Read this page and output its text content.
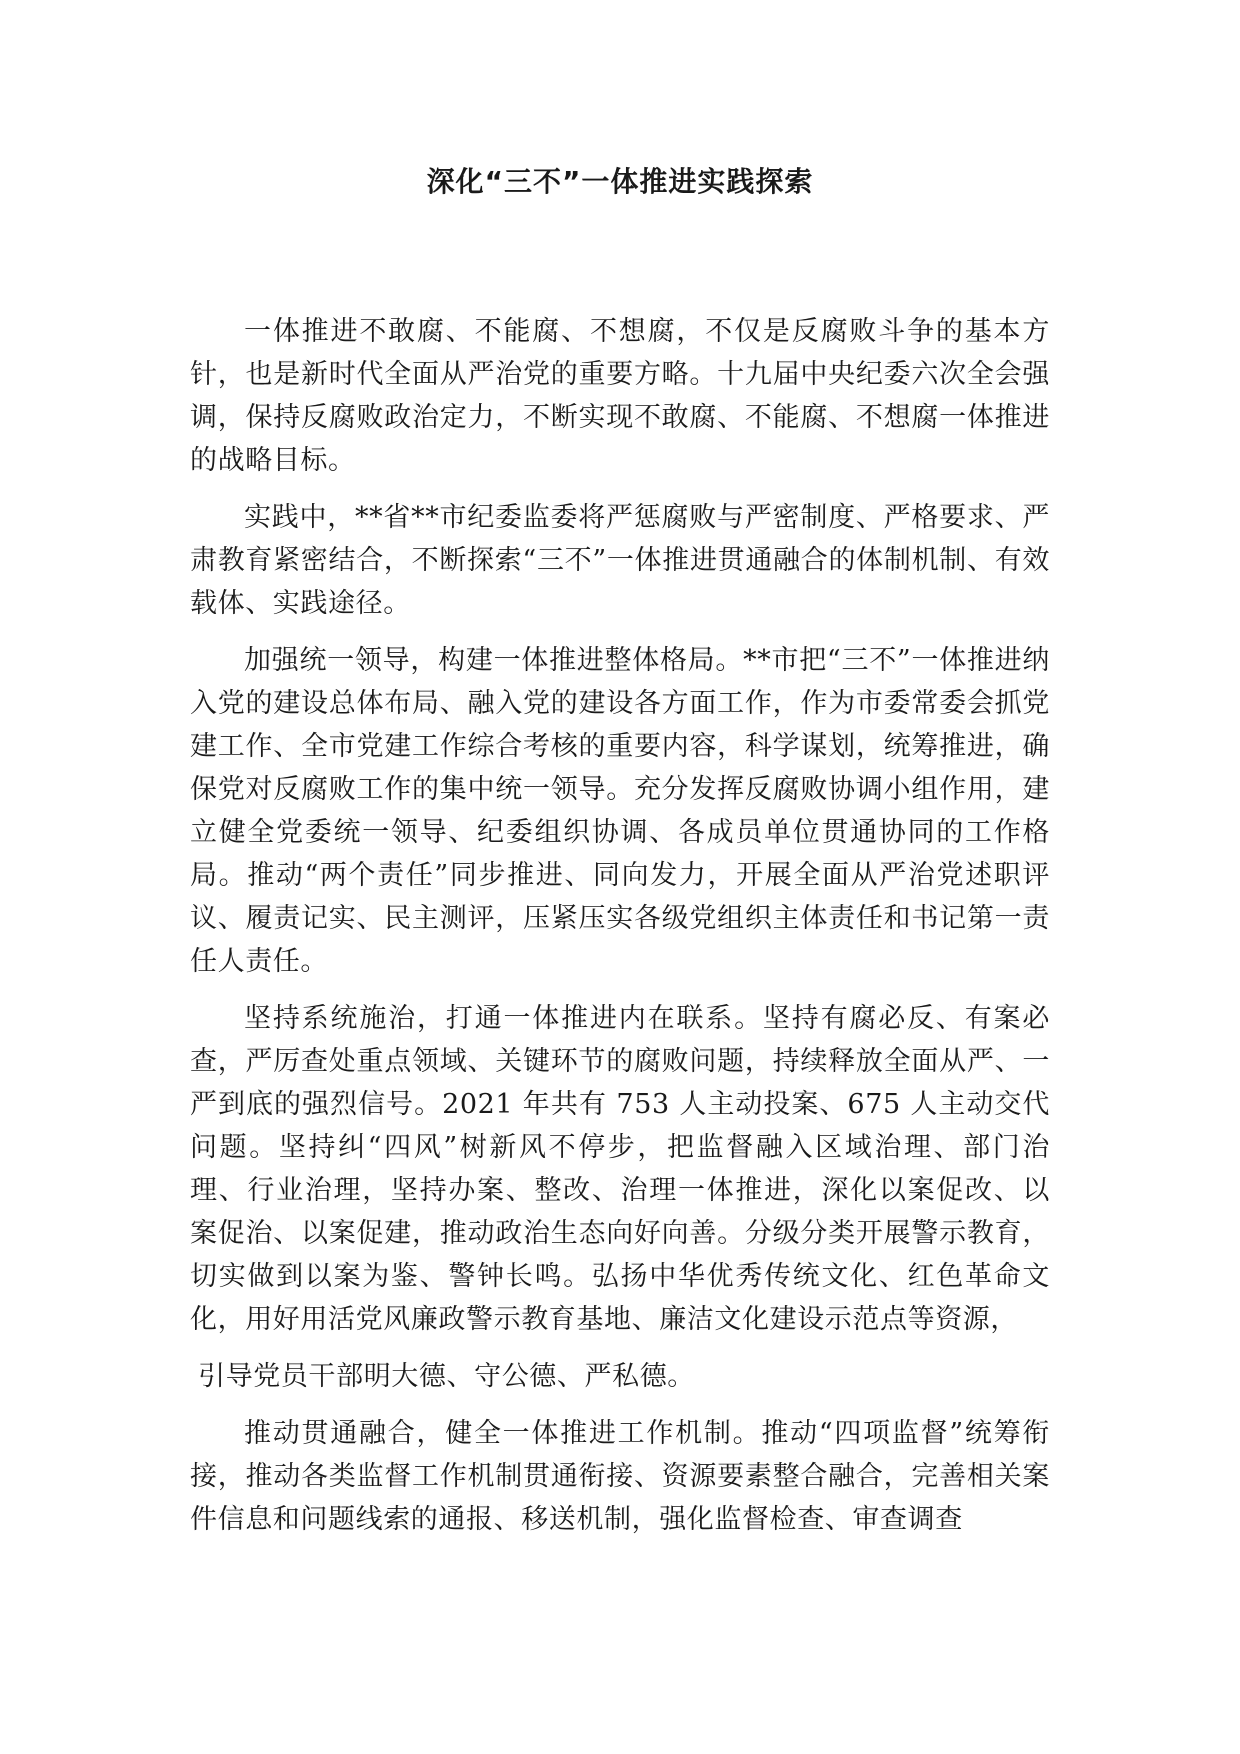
深化“三不”一体推进实践探索

一体推进不敢腐、不能腐、不想腐，不仅是反腐败斗争的基本方针，也是新时代全面从严治党的重要方略。十九届中央纪委六次全会强调，保持反腐败政治定力，不断实现不敢腐、不能腐、不想腐一体推进的战略目标。

实践中，**省**市纪委监委将严惩腐败与严密制度、严格要求、严肃教育紧密结合，不断探索“三不”一体推进贯通融合的体制机制、有效载体、实践途径。

加强统一领导，构建一体推进整体格局。**市把“三不”一体推进纳入党的建设总体布局、融入党的建设各方面工作，作为市委常委会抓党建工作、全市党建工作综合考核的重要内容，科学谋划，统筹推进，确保党对反腐败工作的集中统一领导。充分发挥反腐败协调小组作用，建立健全党委统一领导、纪委组织协调、各成员单位贯通协同的工作格局。推动“两个责任”同步推进、同向发力，开展全面从严治党述职评议、履责记实、民主测评，压紧压实各级党组织主体责任和书记第一责任人责任。

坚持系统施治，打通一体推进内在联系。坚持有腐必反、有案必查，严厉查处重点领域、关键环节的腐败问题，持续释放全面从严、一严到底的强烈信号。2021 年共有 753 人主动投案、675 人主动交代 问题。坚持纠“四风”树新风不停步，把监督融入区域治理、部门治 理、行业治理，坚持办案、整改、治理一体推进，深化以案促改、以 案促治、以案促建，推动政治生态向好向善。分级分类开展警示教育， 切实做到以案为鉴、警钟长鸣。弘扬中华优秀传统文化、红色革命文 化，用好用活党风廉政警示教育基地、廉洁文化建设示范点等资源，

引导党员干部明大德、守公德、严私德。

推动贯通融合，健全一体推进工作机制。推动“四项监督”统筹衔接，推动各类监督工作机制贯通衔接、资源要素整合融合，完善相关案件信息和问题线索的通报、移送机制，强化监督检查、审查调查
